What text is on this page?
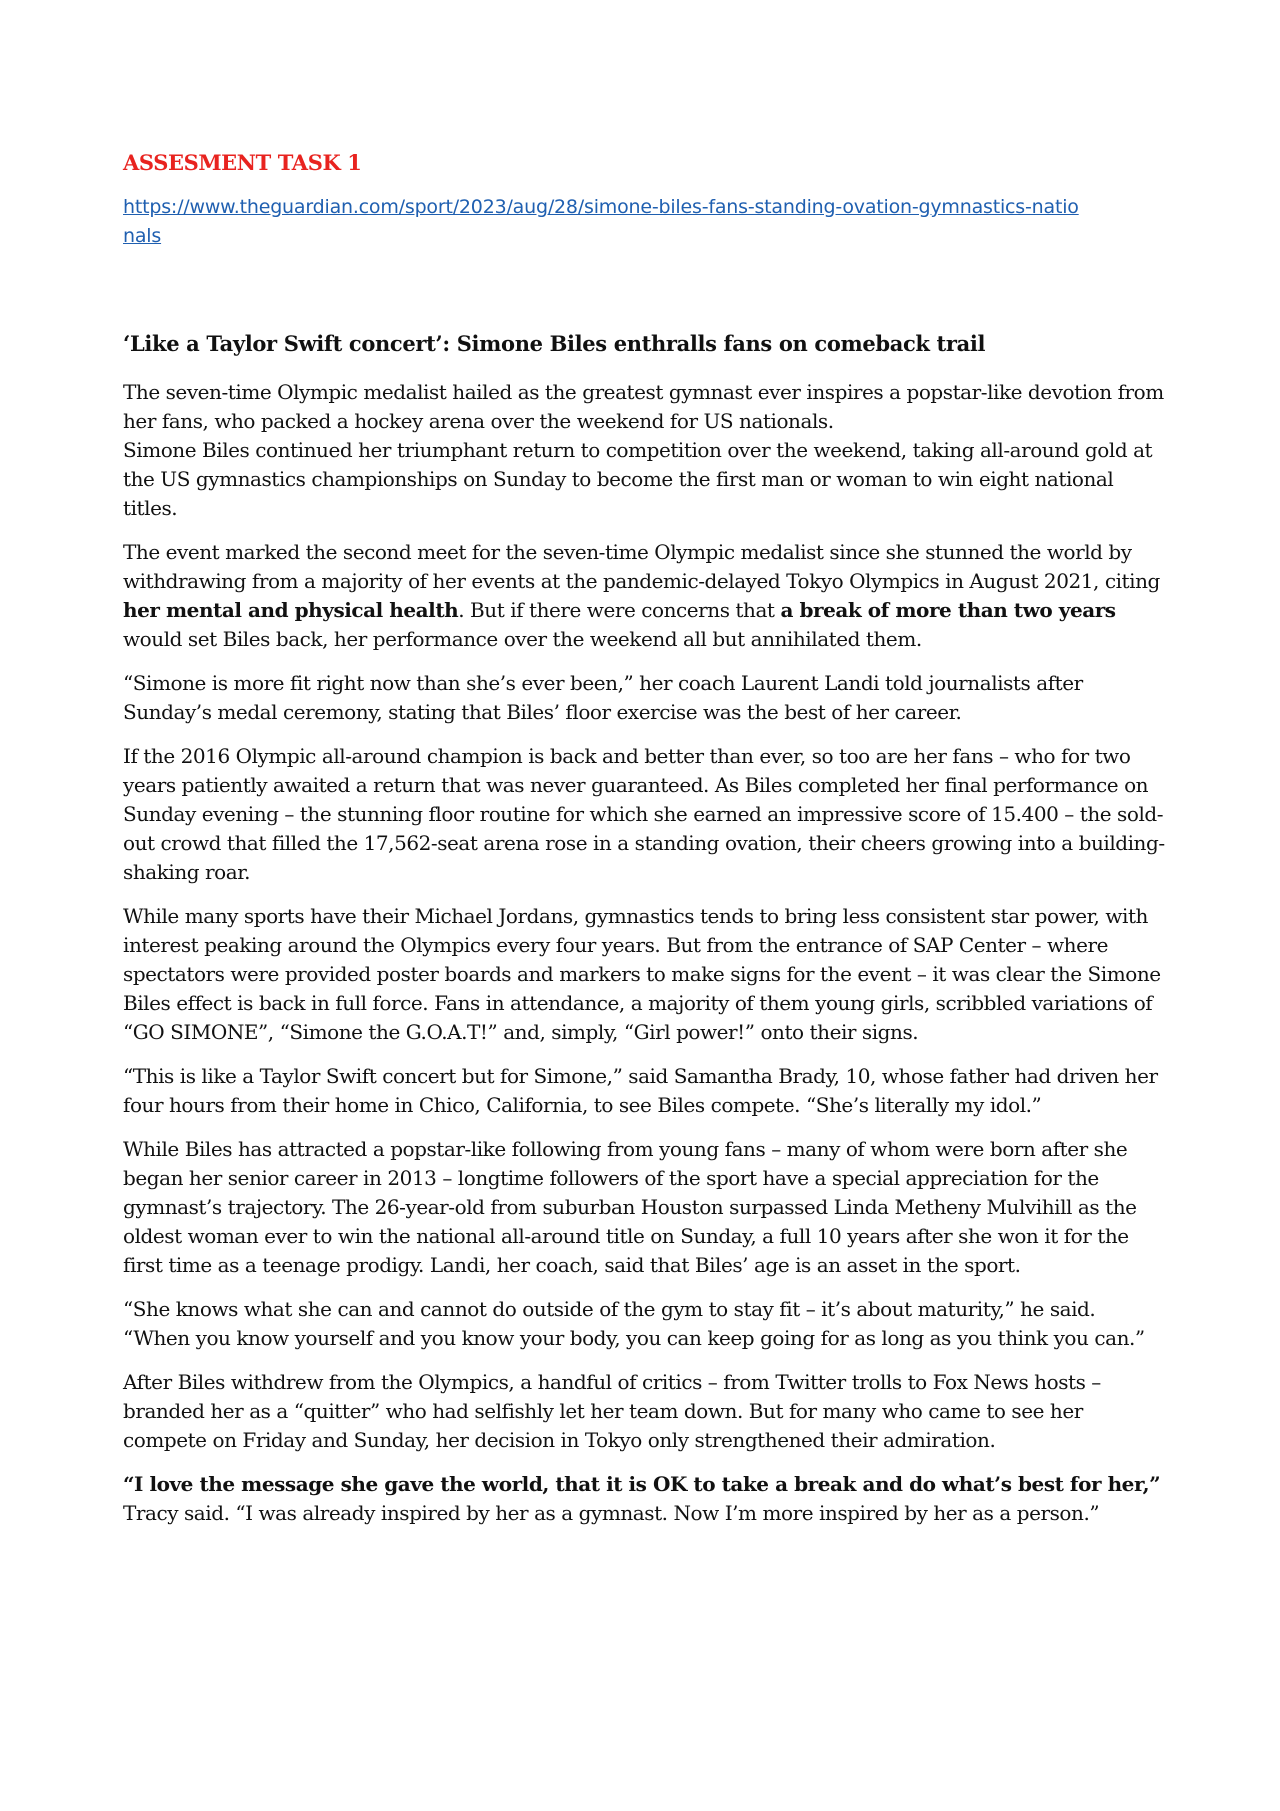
ASSESMENT TASK 1
https://www.theguardian.com/sport/2023/aug/28/simone-biles-fans-standing-ovation-gymnastics-nationals
‘Like a Taylor Swift concert’: Simone Biles enthralls fans on comeback trail
The seven-time Olympic medalist hailed as the greatest gymnast ever inspires a popstar-like devotion from her fans, who packed a hockey arena over the weekend for US nationals.
Simone Biles continued her triumphant return to competition over the weekend, taking all-around gold at the US gymnastics championships on Sunday to become the first man or woman to win eight national titles.
The event marked the second meet for the seven-time Olympic medalist since she stunned the world by withdrawing from a majority of her events at the pandemic-delayed Tokyo Olympics in August 2021, citing her mental and physical health. But if there were concerns that a break of more than two years would set Biles back, her performance over the weekend all but annihilated them.
“Simone is more fit right now than she’s ever been,” her coach Laurent Landi told journalists after Sunday’s medal ceremony, stating that Biles’ floor exercise was the best of her career.
If the 2016 Olympic all-around champion is back and better than ever, so too are her fans – who for two years patiently awaited a return that was never guaranteed. As Biles completed her final performance on Sunday evening – the stunning floor routine for which she earned an impressive score of 15.400 – the sold-out crowd that filled the 17,562-seat arena rose in a standing ovation, their cheers growing into a building-shaking roar.
While many sports have their Michael Jordans, gymnastics tends to bring less consistent star power, with interest peaking around the Olympics every four years. But from the entrance of SAP Center – where spectators were provided poster boards and markers to make signs for the event – it was clear the Simone Biles effect is back in full force. Fans in attendance, a majority of them young girls, scribbled variations of “GO SIMONE”, “Simone the G.O.A.T!” and, simply, “Girl power!” onto their signs.
“This is like a Taylor Swift concert but for Simone,” said Samantha Brady, 10, whose father had driven her four hours from their home in Chico, California, to see Biles compete. “She’s literally my idol.”
While Biles has attracted a popstar-like following from young fans – many of whom were born after she began her senior career in 2013 – longtime followers of the sport have a special appreciation for the gymnast’s trajectory. The 26-year-old from suburban Houston surpassed Linda Metheny Mulvihill as the oldest woman ever to win the national all-around title on Sunday, a full 10 years after she won it for the first time as a teenage prodigy. Landi, her coach, said that Biles’ age is an asset in the sport.
“She knows what she can and cannot do outside of the gym to stay fit – it’s about maturity,” he said. “When you know yourself and you know your body, you can keep going for as long as you think you can.”
After Biles withdrew from the Olympics, a handful of critics – from Twitter trolls to Fox News hosts – branded her as a “quitter” who had selfishly let her team down. But for many who came to see her compete on Friday and Sunday, her decision in Tokyo only strengthened their admiration.
“I love the message she gave the world, that it is OK to take a break and do what’s best for her,” Tracy said. “I was already inspired by her as a gymnast. Now I’m more inspired by her as a person.”
